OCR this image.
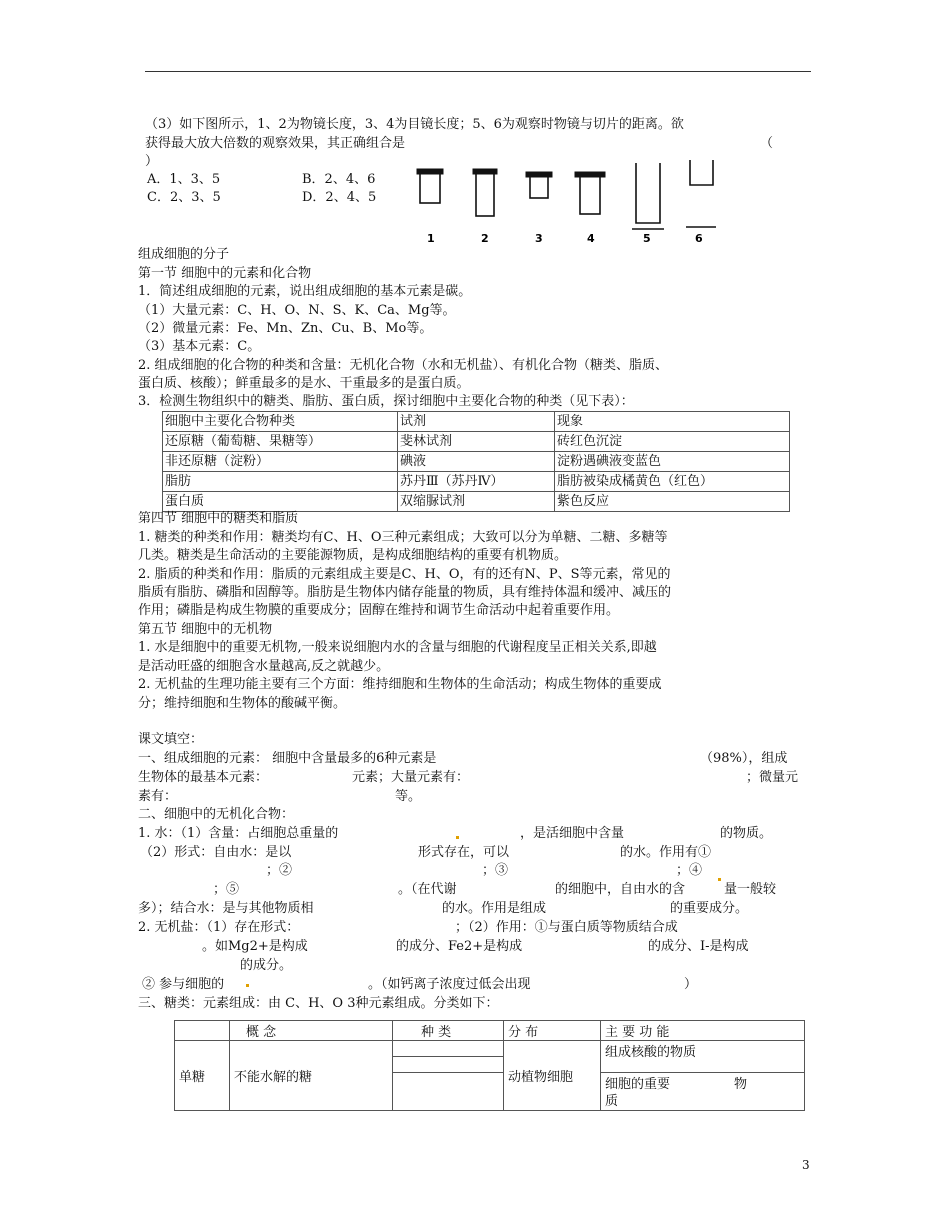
（3）如下图所示，1、2为物镜长度，3、4为目镜长度；5、6为观察时物镜与切片的距离。欲
获得最大放大倍数的观察效果，其正确组合是	（
）
A．1、3、5	B．2、4、6
C．2、3、5	D．2、4、5
1	2	3	4	5	6
组成细胞的分子
第一节 细胞中的元素和化合物
1．简述组成细胞的元素，说出组成细胞的基本元素是碳。
（1）大量元素：C、H、O、N、S、K、Ca、Mg等。
（2）微量元素：Fe、Mn、Zn、Cu、B、Mo等。
（3）基本元素：C。
2. 组成细胞的化合物的种类和含量：无机化合物（水和无机盐）、有机化合物（糖类、脂质、
蛋白质、核酸）；鲜重最多的是水、干重最多的是蛋白质。
3．检测生物组织中的糖类、脂肪、蛋白质，探讨细胞中主要化合物的种类（见下表）：
细胞中主要化合物种类	试剂	现象
还原糖（葡萄糖、果糖等）	斐林试剂	砖红色沉淀
非还原糖（淀粉）	碘液	淀粉遇碘液变蓝色
脂肪	苏丹Ⅲ（苏丹Ⅳ）	脂肪被染成橘黄色（红色）
蛋白质	双缩脲试剂	紫色反应
第四节 细胞中的糖类和脂质
1. 糖类的种类和作用：糖类均有C、H、O三种元素组成；大致可以分为单糖、二糖、多糖等
几类。糖类是生命活动的主要能源物质，是构成细胞结构的重要有机物质。
2. 脂质的种类和作用：脂质的元素组成主要是C、H、O，有的还有N、P、S等元素，常见的
脂质有脂肪、磷脂和固醇等。脂肪是生物体内储存能量的物质，具有维持体温和缓冲、减压的
作用；磷脂是构成生物膜的重要成分；固醇在维持和调节生命活动中起着重要作用。
第五节 细胞中的无机物
1. 水是细胞中的重要无机物,一般来说细胞内水的含量与细胞的代谢程度呈正相关关系,即越
是活动旺盛的细胞含水量越高,反之就越少。
2. 无机盐的生理功能主要有三个方面：维持细胞和生物体的生命活动；构成生物体的重要成
分；维持细胞和生物体的酸碱平衡。
课文填空：
一、组成细胞的元素： 细胞中含量最多的6种元素是	（98%），组成
生物体的最基本元素：	元素；大量元素有：	；微量元
素有：	等。
二、细胞中的无机化合物：
1. 水：（1）含量：占细胞总重量的	，是活细胞中含量	的物质。
（2）形式：自由水：是以	形式存在，可以	的水。作用有①
；②	；③	；④
；⑤	。（在代谢	的细胞中，自由水的含	量一般较
多）；结合水：是与其他物质相	的水。作用是组成	的重要成分。
2. 无机盐：（1）存在形式：	；（2）作用：①与蛋白质等物质结合成
。如Mg2+是构成	的成分、Fe2+是构成	的成分、I-是构成
的成分。
② 参与细胞的	。（如钙离子浓度过低会出现	）
三、糖类：元素组成：由 C、H、O 3种元素组成。分类如下：
	概 念	种 类	分 布	主 要 功 能
单糖	不能水解的糖		动植物细胞	组成核酸的物质

				细胞的重要 物
质

3
